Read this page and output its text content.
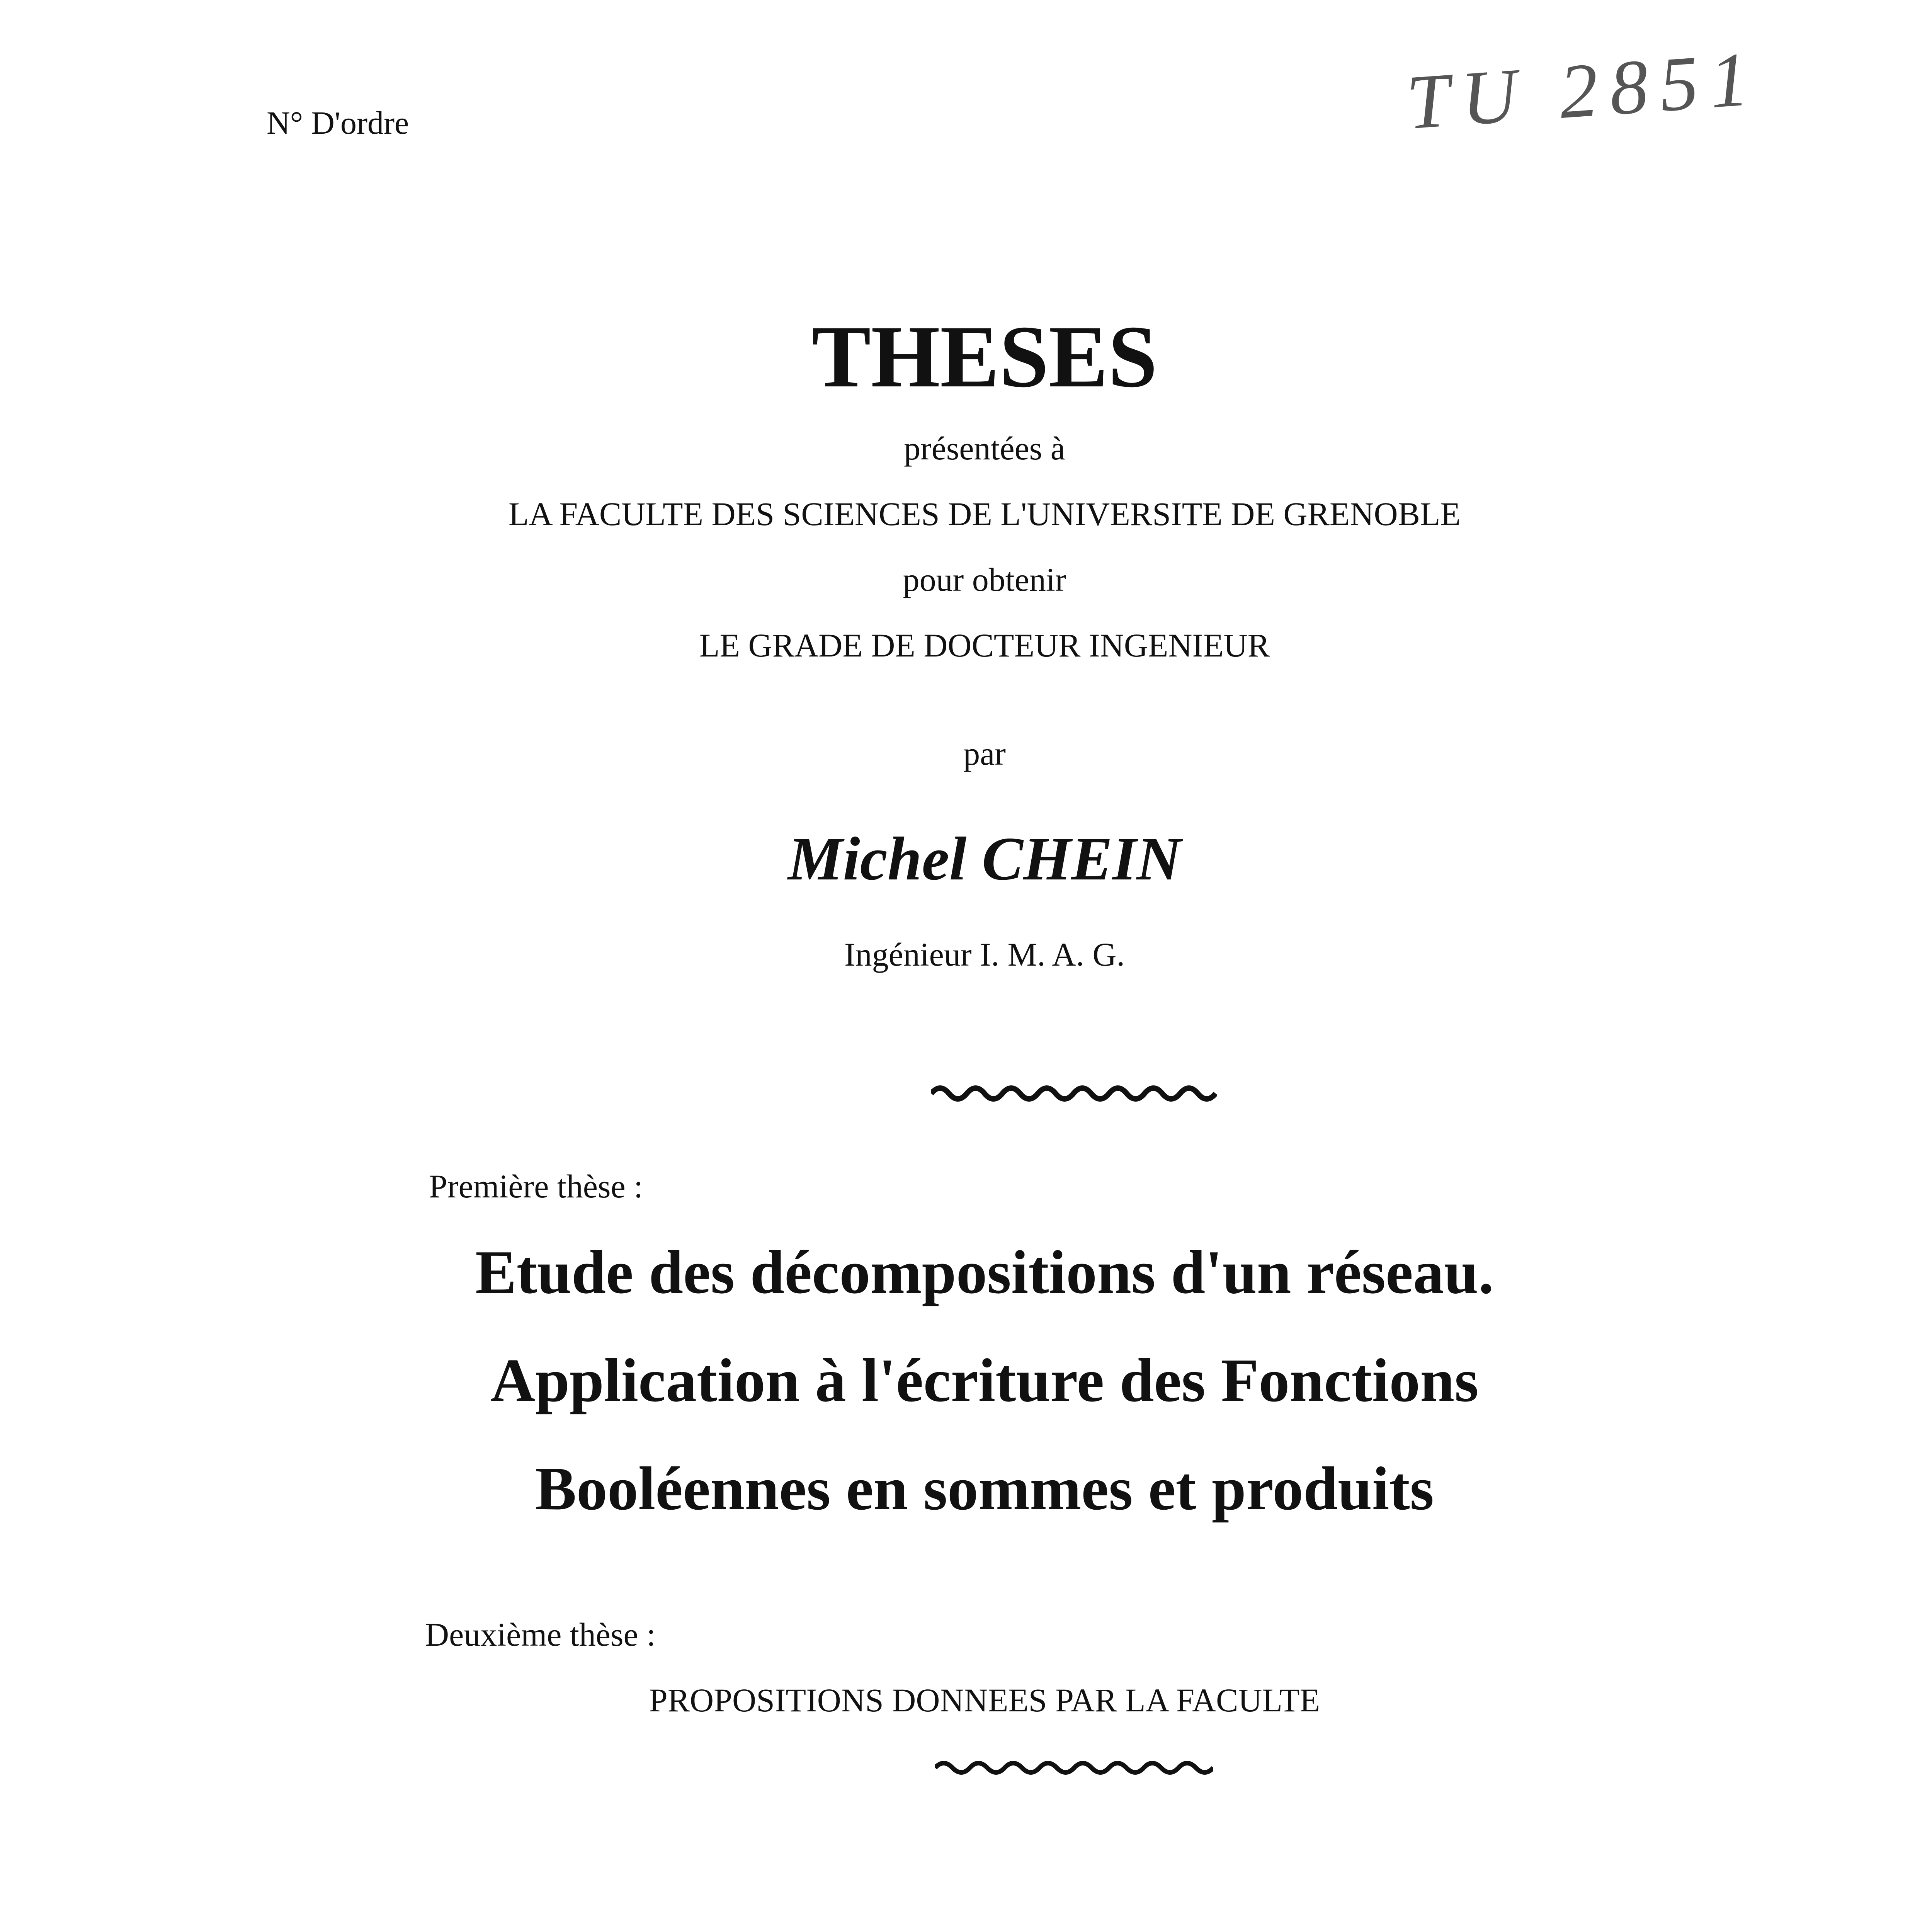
N° D'ordre	TU 2851
THESES
présentées à
LA FACULTE DES SCIENCES DE L'UNIVERSITE DE GRENOBLE
pour obtenir
LE GRADE DE DOCTEUR INGENIEUR
par
Michel CHEIN
Ingénieur I. M. A. G.
Première thèse :
Etude des décompositions d'un réseau.
Application à l'écriture des Fonctions
Booléennes en sommes et produits
Deuxième thèse :
PROPOSITIONS DONNEES PAR LA FACULTE
